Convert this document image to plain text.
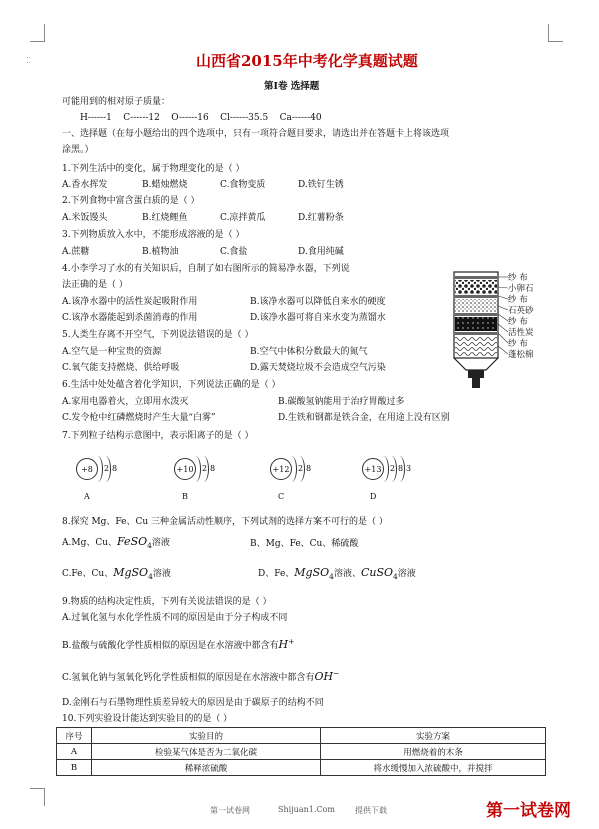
⁚⁚	山西省2015年中考化学真题试题
第Ⅰ卷 选择题
可能用到的相对原子质量：
H------1    C------12    O------16    Cl------35.5    Ca------40
一、选择题（在每小题给出的四个选项中，只有一项符合题目要求，请选出并在答题卡上将该选项
涂黑。）
1.下列生活中的变化，属于物理变化的是（ ）
A.香水挥发	B.蜡烛燃烧	C.食物变质	D.铁钉生锈
2.下列食物中富含蛋白质的是（ ）
A.米饭馒头	B.红烧鲤鱼	C.凉拌黄瓜	D.红薯粉条
3.下列物质放入水中，不能形成溶液的是（ ）
A.蔗糖	B.植物油	C.食盐	D.食用纯碱
4.小李学习了水的有关知识后，自制了如右图所示的简易净水器，下列说
法正确的是（ ）
A.该净水器中的活性炭起吸附作用	B.该净水器可以降低自来水的硬度
C.该净水器能起到杀菌消毒的作用	D.该净水器可将自来水变为蒸馏水
纱 布
小卵石
纱 布
石英砂
纱 布
活性炭
纱 布
蓬松棉
5.人类生存离不开空气，下列说法错误的是（ ）
A.空气是一种宝贵的资源	B.空气中体积分数最大的氮气
C.氧气能支持燃烧、供给呼吸	D.露天焚烧垃圾不会造成空气污染
6.生活中处处蕴含着化学知识，下列说法正确的是（ ）
A.家用电器着火，立即用水泼灭	B.碳酸氢钠能用于治疗胃酸过多
C.发令枪中红磷燃烧时产生大量“白雾”	D.生铁和钢都是铁合金，在用途上没有区别
7.下列粒子结构示意图中，表示阳离子的是（ ）
+8	2 8
A
+10	2 8
B
+12	2 8
C
+13	2 8 3
D
8.探究 Mg、Fe、Cu 三种金属活动性顺序，下列试剂的选择方案不可行的是（ ）
A.Mg、Cu、FeSO$_4$溶液	B、Mg、Fe、Cu、稀硫酸
C.Fe、Cu、MgSO$_4$溶液	D、Fe、MgSO$_4$溶液、CuSO$_4$溶液
9.物质的结构决定性质，下列有关说法错误的是（ ）
A.过氧化氢与水化学性质不同的原因是由于分子构成不同
B.盐酸与硫酸化学性质相似的原因是在水溶液中都含有H+
C.氢氧化钠与氢氧化钙化学性质相似的原因是在水溶液中都含有OH−
D.金刚石与石墨物理性质差异较大的原因是由于碳原子的结构不同
10.下列实验设计能达到实验目的的是（ ）
序号	实验目的	实验方案
A	检验某气体是否为二氧化碳	用燃烧着的木条
B	稀释浓硫酸	将水缓慢加入浓硫酸中，并搅拌
第一试卷网	Shijuan1.Com	提供下载	第一试卷网
